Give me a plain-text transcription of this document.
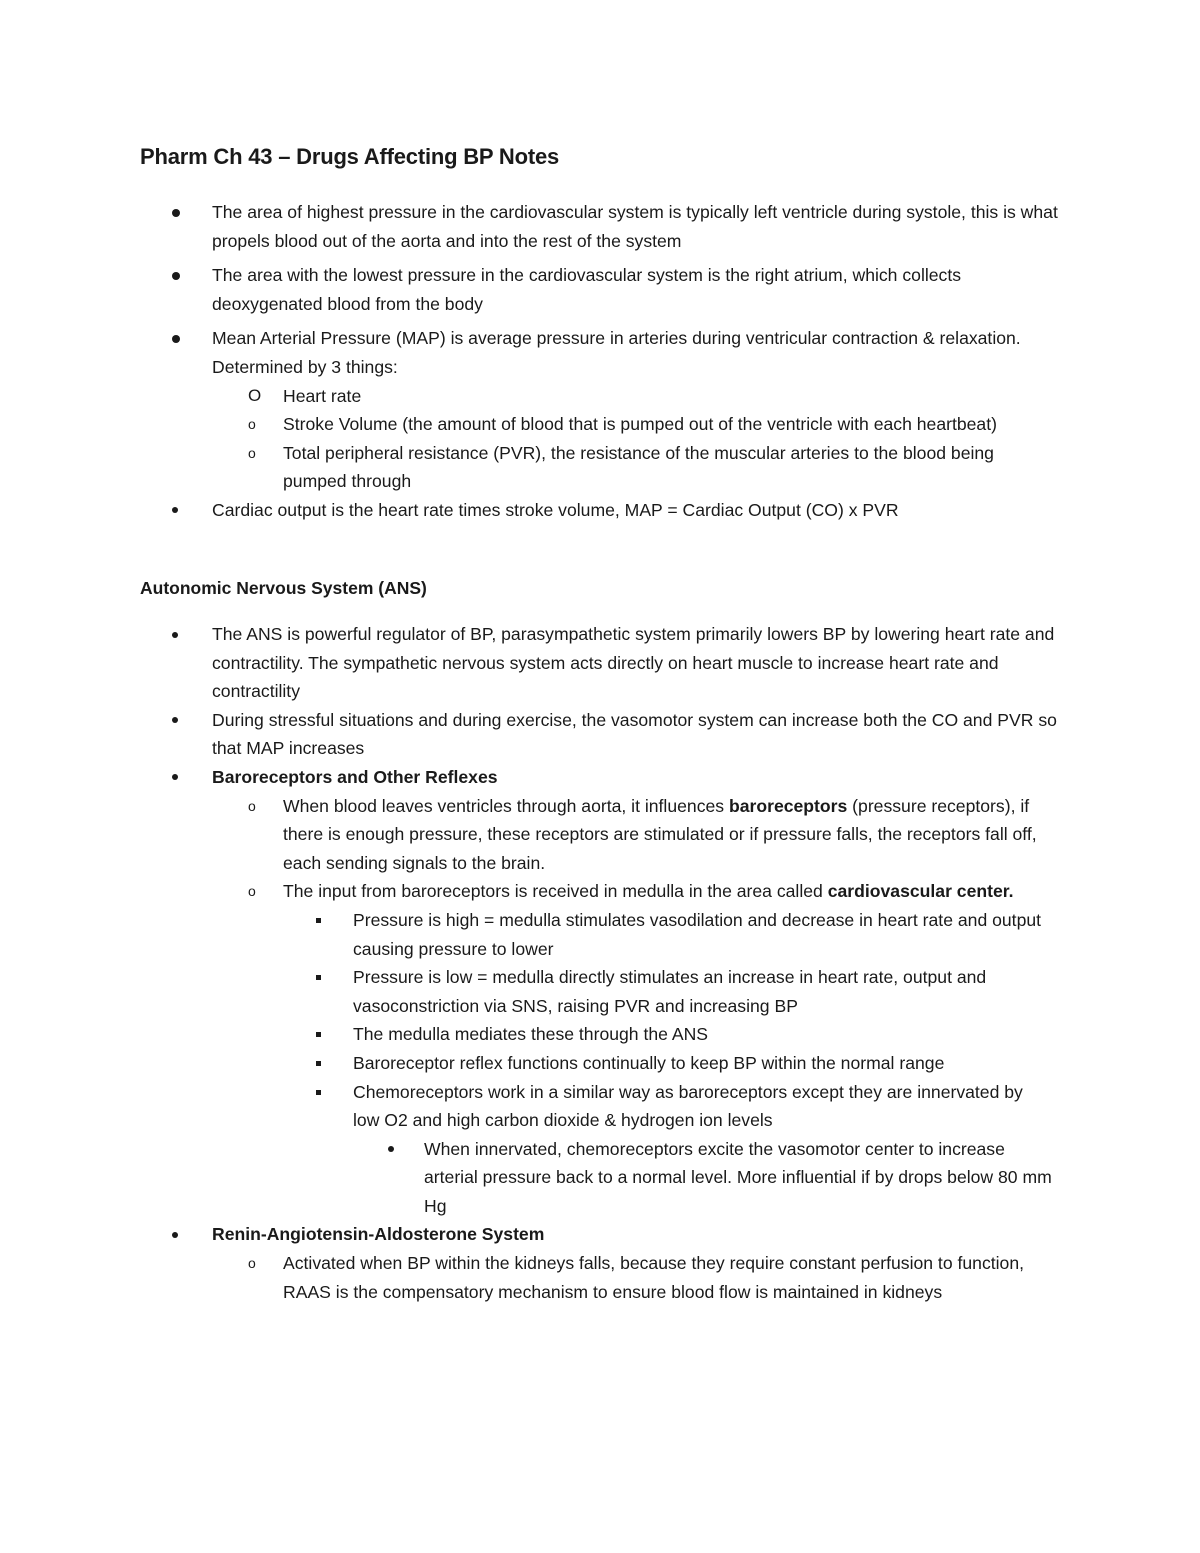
Pharm Ch 43 – Drugs Affecting BP Notes
The area of highest pressure in the cardiovascular system is typically left ventricle during systole, this is what propels blood out of the aorta and into the rest of the system
The area with the lowest pressure in the cardiovascular system is the right atrium, which collects deoxygenated blood from the body
Mean Arterial Pressure (MAP) is average pressure in arteries during ventricular contraction & relaxation. Determined by 3 things:
O Heart rate
o Stroke Volume (the amount of blood that is pumped out of the ventricle with each heartbeat)
o Total peripheral resistance (PVR), the resistance of the muscular arteries to the blood being pumped through
Cardiac output is the heart rate times stroke volume, MAP = Cardiac Output (CO) x PVR
Autonomic Nervous System (ANS)
The ANS is powerful regulator of BP, parasympathetic system primarily lowers BP by lowering heart rate and contractility. The sympathetic nervous system acts directly on heart muscle to increase heart rate and contractility
During stressful situations and during exercise, the vasomotor system can increase both the CO and PVR so that MAP increases
Baroreceptors and Other Reflexes
o When blood leaves ventricles through aorta, it influences baroreceptors (pressure receptors), if there is enough pressure, these receptors are stimulated or if pressure falls, the receptors fall off, each sending signals to the brain.
o The input from baroreceptors is received in medulla in the area called cardiovascular center.
Pressure is high = medulla stimulates vasodilation and decrease in heart rate and output causing pressure to lower
Pressure is low = medulla directly stimulates an increase in heart rate, output and vasoconstriction via SNS, raising PVR and increasing BP
The medulla mediates these through the ANS
Baroreceptor reflex functions continually to keep BP within the normal range
Chemoreceptors work in a similar way as baroreceptors except they are innervated by low O2 and high carbon dioxide & hydrogen ion levels
When innervated, chemoreceptors excite the vasomotor center to increase arterial pressure back to a normal level. More influential if by drops below 80 mm Hg
Renin-Angiotensin-Aldosterone System
o Activated when BP within the kidneys falls, because they require constant perfusion to function, RAAS is the compensatory mechanism to ensure blood flow is maintained in kidneys
